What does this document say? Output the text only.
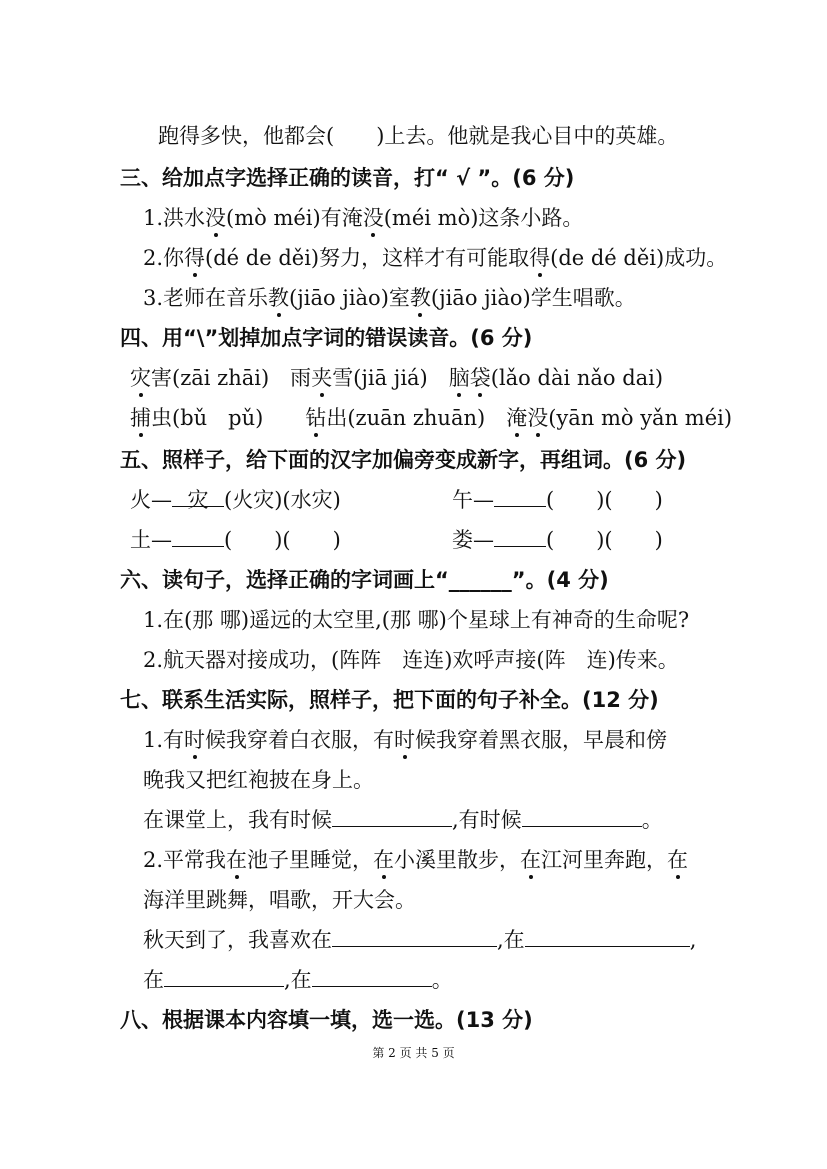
跑得多快，他都会(　　)上去。他就是我心目中的英雄。
三、给加点字选择正确的读音，打“ √ ”。(6 分)
1.洪水没(mò méi)有淹没(méi mò)这条小路。
2.你得(dé de děi)努力，这样才有可能取得(de dé děi)成功。
3.老师在音乐教(jiāo jiào)室教(jiāo jiào)学生唱歌。
四、用“\”划掉加点字词的错误读音。(6 分)
灾害(zāi zhāi)　雨夹雪(jiā jiá)　脑袋(lǎo dài nǎo dai)
捕虫(bǔ　pǔ)　　钻出(zuān zhuān)　淹没(yān mò yǎn méi)
五、照样子，给下面的汉字加偏旁变成新字，再组词。(6 分)
火— 灾 (火灾)(水灾)	午— (　　)(　　)
土— (　　)(　　)	娄— (　　)(　　)
六、读句子，选择正确的字词画上“______”。(4 分)
1.在(那 哪)遥远的太空里,(那 哪)个星球上有神奇的生命呢?
2.航天器对接成功，(阵阵　连连)欢呼声接(阵　连)传来。
七、联系生活实际，照样子，把下面的句子补全。(12 分)
1.有时候我穿着白衣服，有时候我穿着黑衣服，早晨和傍
晚我又把红袍披在身上。
在课堂上，我有时候	,有时候	。
2.平常我在池子里睡觉，在小溪里散步，在江河里奔跑，在
海洋里跳舞，唱歌，开大会。
秋天到了，我喜欢在	,在	,
在	,在	。
八、根据课本内容填一填，选一选。(13 分)
第 2 页 共 5 页
